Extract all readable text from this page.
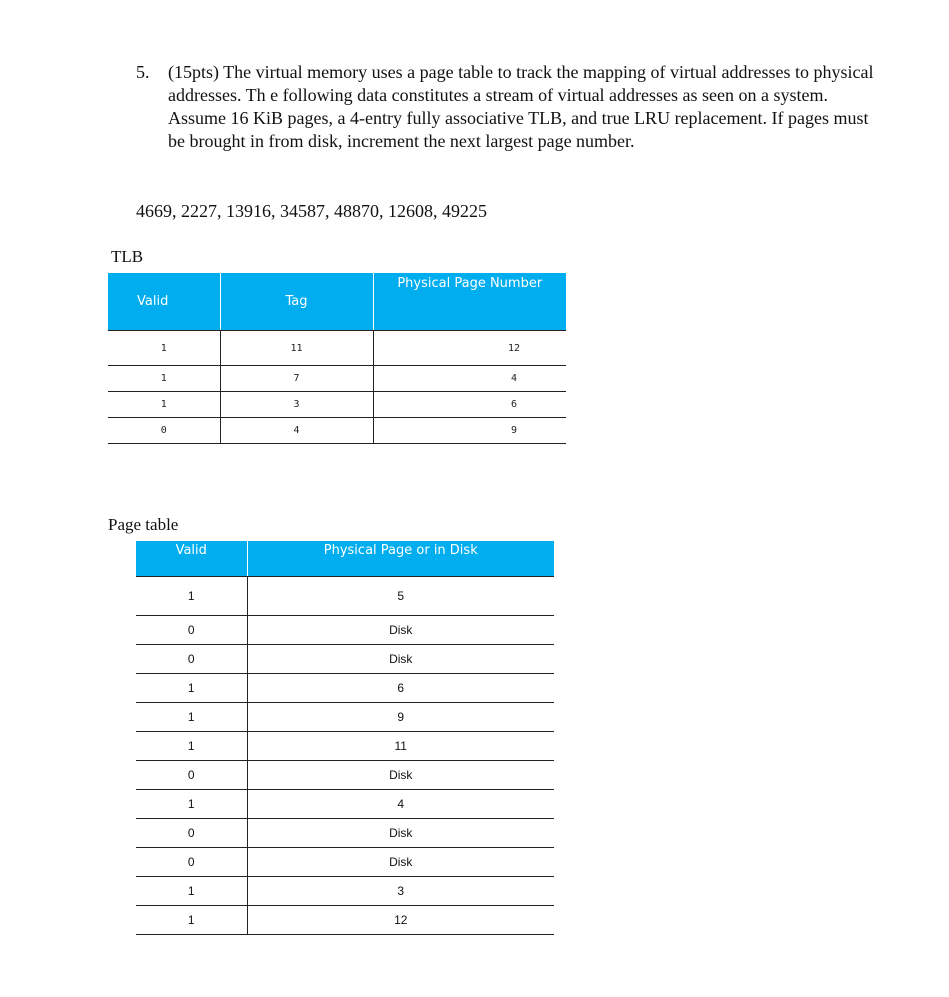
5. (15pts) The virtual memory uses a page table to track the mapping of virtual addresses to physical addresses. Th e following data constitutes a stream of virtual addresses as seen on a system. Assume 16 KiB pages, a 4-entry fully associative TLB, and true LRU replacement. If pages must be brought in from disk, increment the next largest page number.
4669, 2227, 13916, 34587, 48870, 12608, 49225
TLB
Valid	Tag	Physical Page Number
1	11	12
1	7	4
1	3	6
0	4	9
Page table
Valid	Physical Page or in Disk
1	5
0	Disk
0	Disk
1	6
1	9
1	11
0	Disk
1	4
0	Disk
0	Disk
1	3
1	12
